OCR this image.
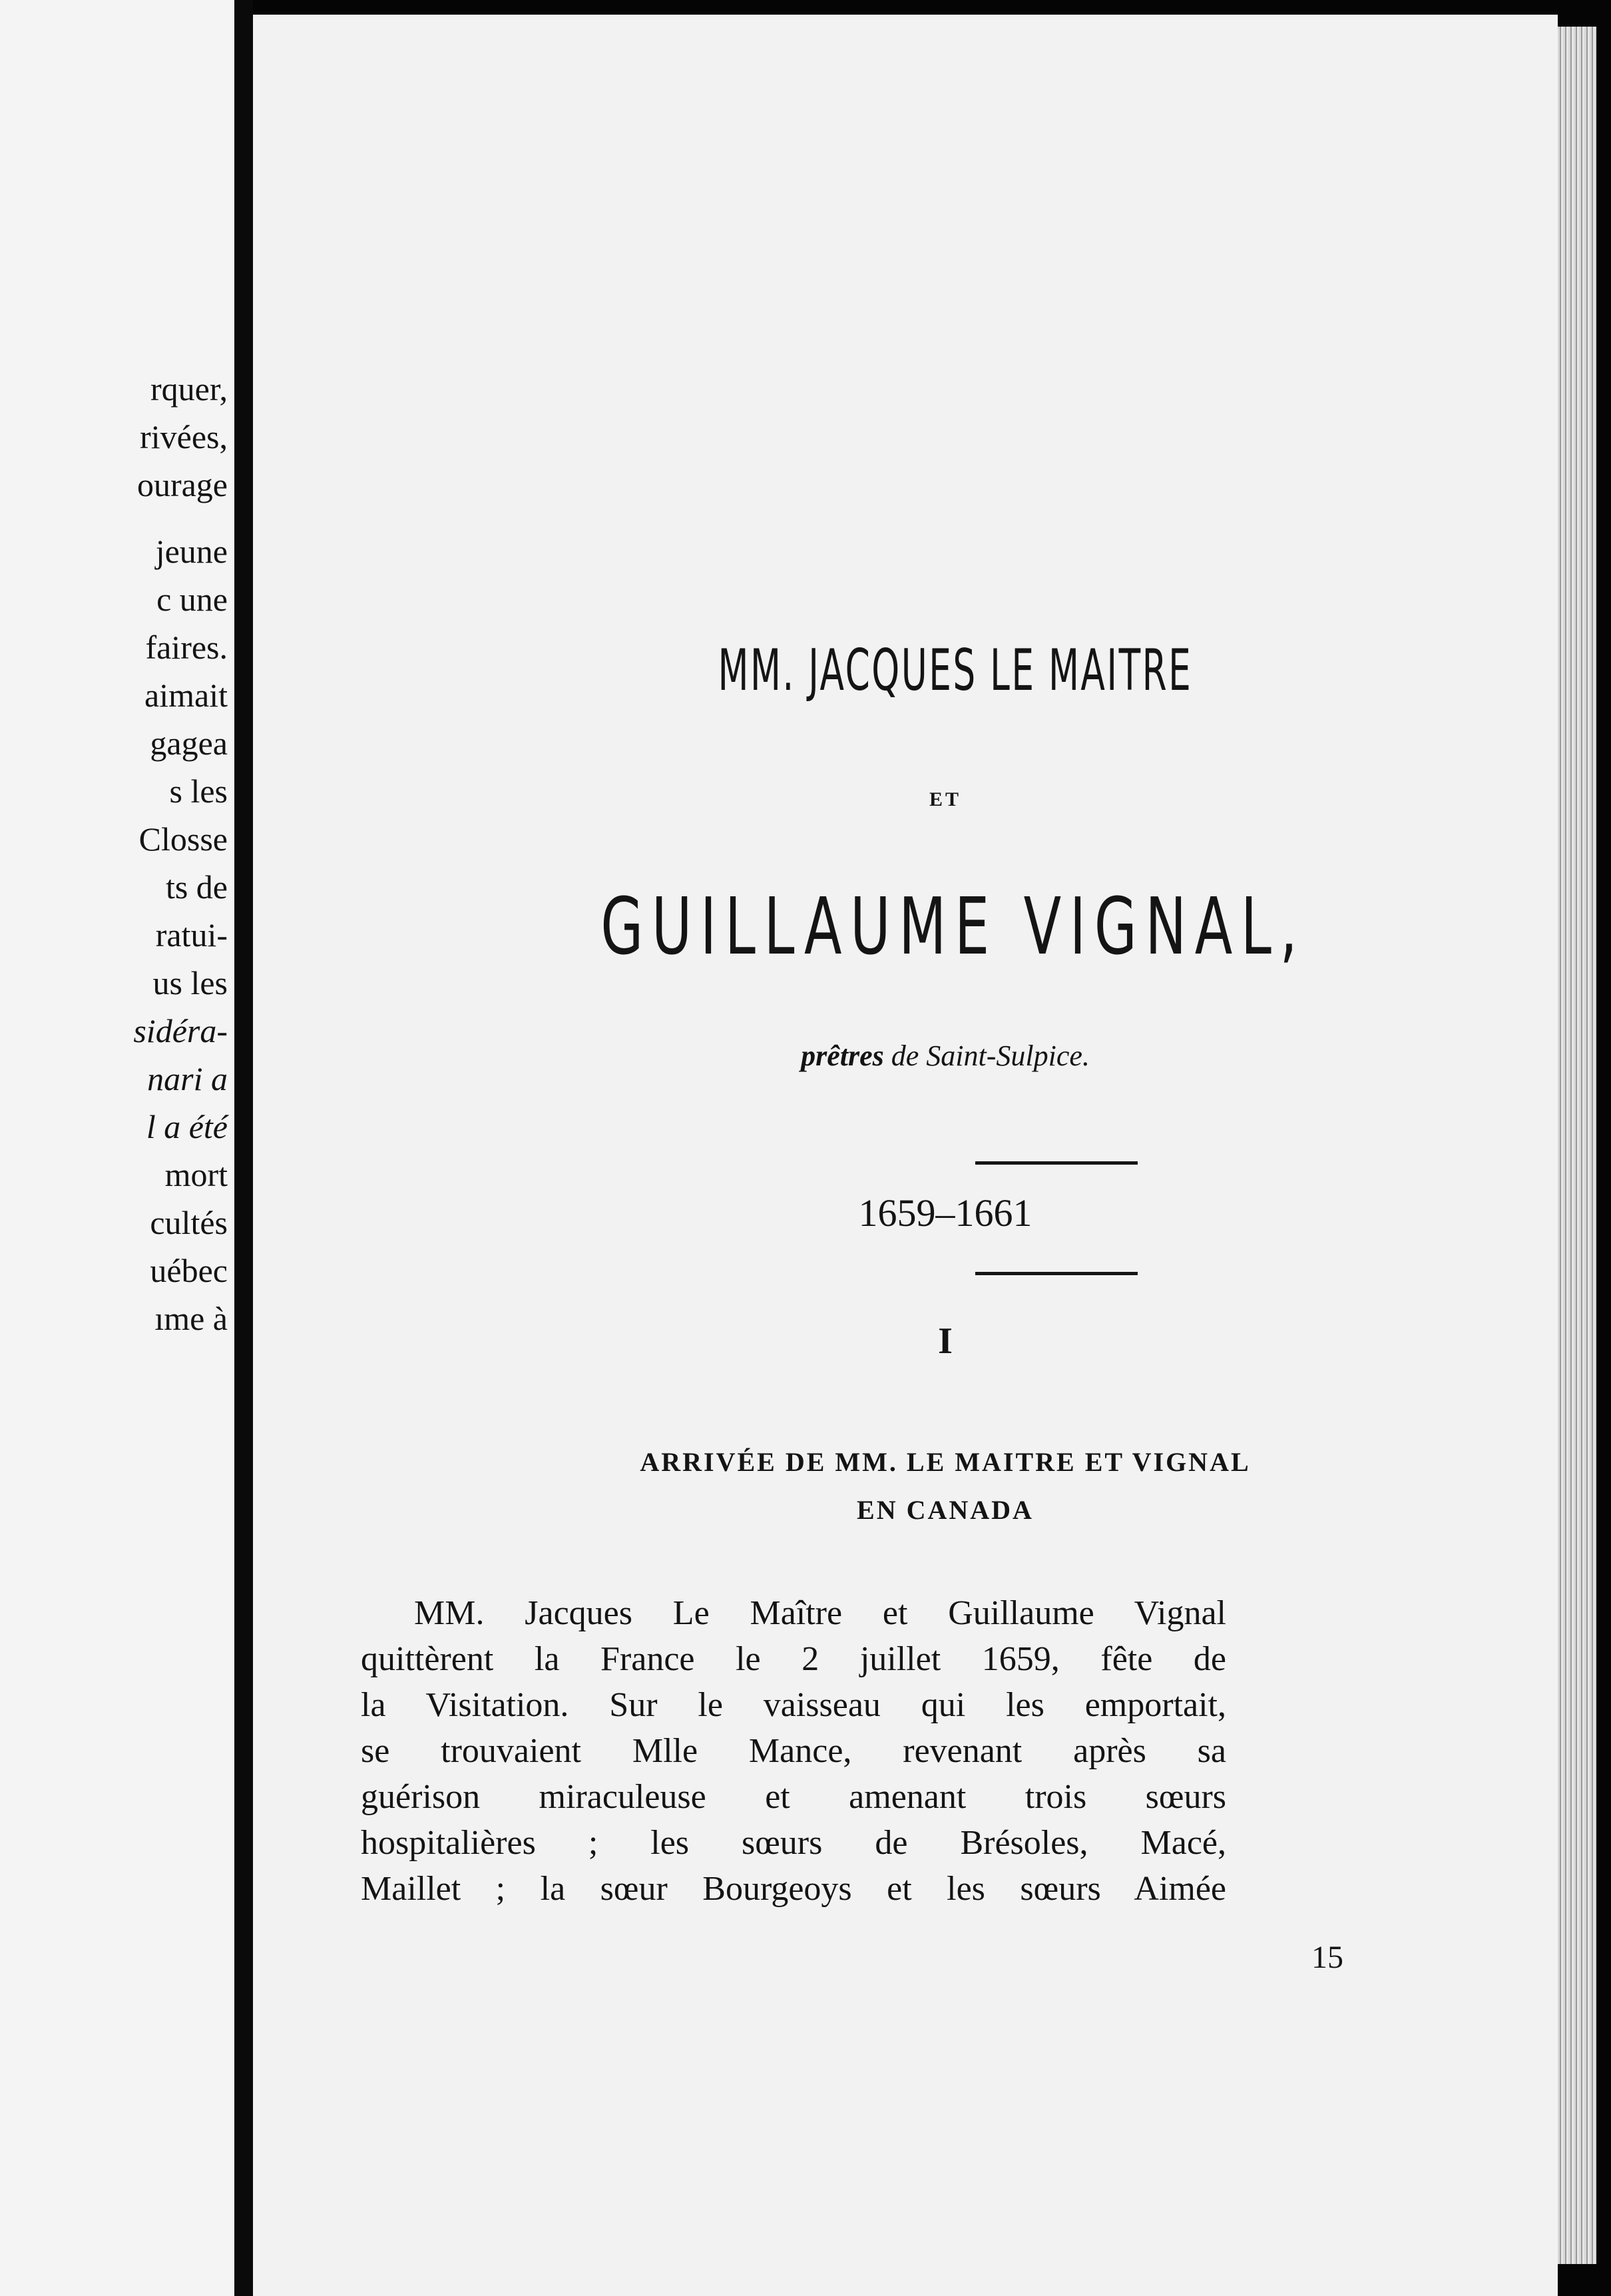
rquer,
rivées,
ourage
jeune
c une
faires.
aimait
gagea
s les
Closse
ts de
ratui-
us les
sidéra-
nari a
l a été
mort
cultés
uébec
ıme à
MM. JACQUES LE MAITRE
ET
GUILLAUME VIGNAL,
prêtres de Saint-Sulpice.
1659–1661
I
ARRIVÉE DE MM. LE MAITRE ET VIGNAL
EN CANADA
MM. Jacques Le Maître et Guillaume Vignal
quittèrent la France le 2 juillet 1659, fête de
la Visitation. Sur le vaisseau qui les emportait,
se trouvaient Mlle Mance, revenant après sa
guérison miraculeuse et amenant trois sœurs
hospitalières ; les sœurs de Brésoles, Macé,
Maillet ; la sœur Bourgeoys et les sœurs Aimée
15
